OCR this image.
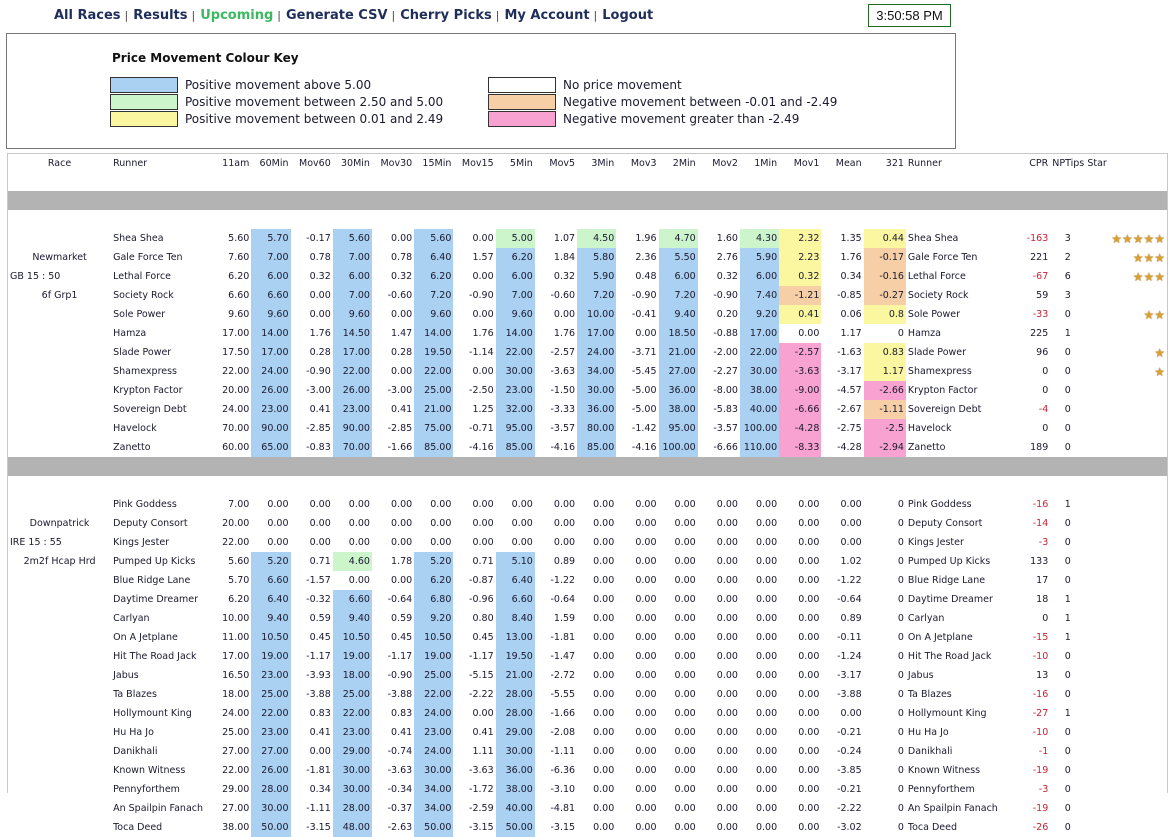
All Races | Results | Upcoming | Generate CSV | Cherry Picks | My Account | Logout	3:50:58 PM
Price Movement Colour Key
Positive movement above 5.00
Positive movement between 2.50 and 5.00
Positive movement between 0.01 and 2.49
No price movement
Negative movement between -0.01 and -2.49
Negative movement greater than -2.49
Race	Runner	11am	60Min	Mov60	30Min	Mov30	15Min	Mov15	5Min	Mov5	3Min	Mov3	2Min	Mov2	1Min	Mov1	Mean	321	Runner	CPR	NPTips	Star

	Shea Shea	5.60	5.70	-0.17	5.60	0.00	5.60	0.00	5.00	1.07	4.50	1.96	4.70	1.60	4.30	2.32	1.35	0.44	Shea Shea	-163	3	★★★★★

Newmarket	Gale Force Ten	7.60	7.00	0.78	7.00	0.78	6.40	1.57	6.20	1.84	5.80	2.36	5.50	2.76	5.90	2.23	1.76	-0.17	Gale Force Ten	221	2	★★★

GB 15 : 50	Lethal Force	6.20	6.00	0.32	6.00	0.32	6.20	0.00	6.00	0.32	5.90	0.48	6.00	0.32	6.00	0.32	0.34	-0.16	Lethal Force	-67	6	★★★

6f Grp1	Society Rock	6.60	6.60	0.00	7.00	-0.60	7.20	-0.90	7.00	-0.60	7.20	-0.90	7.20	-0.90	7.40	-1.21	-0.85	-0.27	Society Rock	59	3	

	Sole Power	9.60	9.60	0.00	9.60	0.00	9.60	0.00	9.60	0.00	10.00	-0.41	9.40	0.20	9.20	0.41	0.06	0.8	Sole Power	-33	0	★★

	Hamza	17.00	14.00	1.76	14.50	1.47	14.00	1.76	14.00	1.76	17.00	0.00	18.50	-0.88	17.00	0.00	1.17	0	Hamza	225	1	

	Slade Power	17.50	17.00	0.28	17.00	0.28	19.50	-1.14	22.00	-2.57	24.00	-3.71	21.00	-2.00	22.00	-2.57	-1.63	0.83	Slade Power	96	0	★

	Shamexpress	22.00	24.00	-0.90	22.00	0.00	22.00	0.00	30.00	-3.63	34.00	-5.45	27.00	-2.27	30.00	-3.63	-3.17	1.17	Shamexpress	0	0	★

	Krypton Factor	20.00	26.00	-3.00	26.00	-3.00	25.00	-2.50	23.00	-1.50	30.00	-5.00	36.00	-8.00	38.00	-9.00	-4.57	-2.66	Krypton Factor	0	0	

	Sovereign Debt	24.00	23.00	0.41	23.00	0.41	21.00	1.25	32.00	-3.33	36.00	-5.00	38.00	-5.83	40.00	-6.66	-2.67	-1.11	Sovereign Debt	-4	0	

	Havelock	70.00	90.00	-2.85	90.00	-2.85	75.00	-0.71	95.00	-3.57	80.00	-1.42	95.00	-3.57	100.00	-4.28	-2.75	-2.5	Havelock	0	0	

	Zanetto	60.00	65.00	-0.83	70.00	-1.66	85.00	-4.16	85.00	-4.16	85.00	-4.16	100.00	-6.66	110.00	-8.33	-4.28	-2.94	Zanetto	189	0	

	Pink Goddess	7.00	0.00	0.00	0.00	0.00	0.00	0.00	0.00	0.00	0.00	0.00	0.00	0.00	0.00	0.00	0.00	0	Pink Goddess	-16	1	

Downpatrick	Deputy Consort	20.00	0.00	0.00	0.00	0.00	0.00	0.00	0.00	0.00	0.00	0.00	0.00	0.00	0.00	0.00	0.00	0	Deputy Consort	-14	0	

IRE 15 : 55	Kings Jester	22.00	0.00	0.00	0.00	0.00	0.00	0.00	0.00	0.00	0.00	0.00	0.00	0.00	0.00	0.00	0.00	0	Kings Jester	-3	0	

2m2f Hcap Hrd	Pumped Up Kicks	5.60	5.20	0.71	4.60	1.78	5.20	0.71	5.10	0.89	0.00	0.00	0.00	0.00	0.00	0.00	1.02	0	Pumped Up Kicks	133	0	

	Blue Ridge Lane	5.70	6.60	-1.57	0.00	0.00	6.20	-0.87	6.40	-1.22	0.00	0.00	0.00	0.00	0.00	0.00	-1.22	0	Blue Ridge Lane	17	0	

	Daytime Dreamer	6.20	6.40	-0.32	6.60	-0.64	6.80	-0.96	6.60	-0.64	0.00	0.00	0.00	0.00	0.00	0.00	-0.64	0	Daytime Dreamer	18	1	

	Carlyan	10.00	9.40	0.59	9.40	0.59	9.20	0.80	8.40	1.59	0.00	0.00	0.00	0.00	0.00	0.00	0.89	0	Carlyan	0	1	

	On A Jetplane	11.00	10.50	0.45	10.50	0.45	10.50	0.45	13.00	-1.81	0.00	0.00	0.00	0.00	0.00	0.00	-0.11	0	On A Jetplane	-15	1	

	Hit The Road Jack	17.00	19.00	-1.17	19.00	-1.17	19.00	-1.17	19.50	-1.47	0.00	0.00	0.00	0.00	0.00	0.00	-1.24	0	Hit The Road Jack	-10	0	

	Jabus	16.50	23.00	-3.93	18.00	-0.90	25.00	-5.15	21.00	-2.72	0.00	0.00	0.00	0.00	0.00	0.00	-3.17	0	Jabus	13	0	

	Ta Blazes	18.00	25.00	-3.88	25.00	-3.88	22.00	-2.22	28.00	-5.55	0.00	0.00	0.00	0.00	0.00	0.00	-3.88	0	Ta Blazes	-16	0	

	Hollymount King	24.00	22.00	0.83	22.00	0.83	24.00	0.00	28.00	-1.66	0.00	0.00	0.00	0.00	0.00	0.00	0.00	0	Hollymount King	-27	1	

	Hu Ha Jo	25.00	23.00	0.41	23.00	0.41	23.00	0.41	29.00	-2.08	0.00	0.00	0.00	0.00	0.00	0.00	-0.21	0	Hu Ha Jo	-10	0	

	Danikhali	27.00	27.00	0.00	29.00	-0.74	24.00	1.11	30.00	-1.11	0.00	0.00	0.00	0.00	0.00	0.00	-0.24	0	Danikhali	-1	0	

	Known Witness	22.00	26.00	-1.81	30.00	-3.63	30.00	-3.63	36.00	-6.36	0.00	0.00	0.00	0.00	0.00	0.00	-3.85	0	Known Witness	-19	0	

	Pennyforthem	29.00	28.00	0.34	30.00	-0.34	34.00	-1.72	38.00	-3.10	0.00	0.00	0.00	0.00	0.00	0.00	-0.21	0	Pennyforthem	-3	0	

	An Spailpin Fanach	27.00	30.00	-1.11	28.00	-0.37	34.00	-2.59	40.00	-4.81	0.00	0.00	0.00	0.00	0.00	0.00	-2.22	0	An Spailpin Fanach	-19	0	

	Toca Deed	38.00	50.00	-3.15	48.00	-2.63	50.00	-3.15	50.00	-3.15	0.00	0.00	0.00	0.00	0.00	0.00	-3.02	0	Toca Deed	-26	0	
